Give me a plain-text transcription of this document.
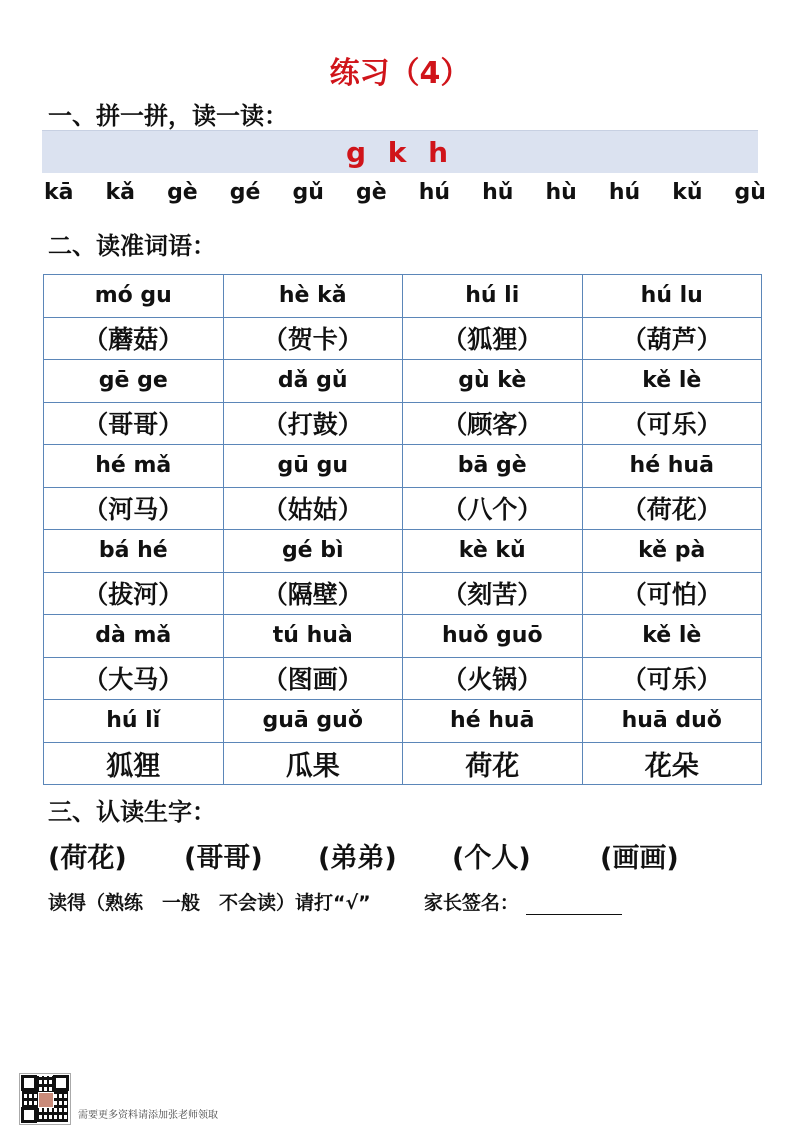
练习（4）
一、拼一拼，读一读：
g k h
kā kǎ gè gé gǔ gè hú hǔ hù hú kǔ gù
二、读准词语：
mó gu	hè kǎ	hú li	hú lu
（蘑菇）	（贺卡）	（狐狸）	（葫芦）
gē ge	dǎ gǔ	gù kè	kě lè
（哥哥）	（打鼓）	（顾客）	（可乐）
hé mǎ	gū gu	bā gè	hé huā
（河马）	（姑姑）	（八个）	（荷花）
bá hé	gé bì	kè kǔ	kě pà
（拔河）	（隔壁）	（刻苦）	（可怕）
dà mǎ	tú huà	huǒ guō	kě lè
（大马）	（图画）	（火锅）	（可乐）
hú lǐ	guā guǒ	hé huā	huā duǒ
狐狸	瓜果	荷花	花朵
三、认读生字：
(荷花) (哥哥) (弟弟) (个人)	(画画)
读得（熟练　一般　不会读）请打“√”	家长签名：
需要更多资料请添加张老师领取
